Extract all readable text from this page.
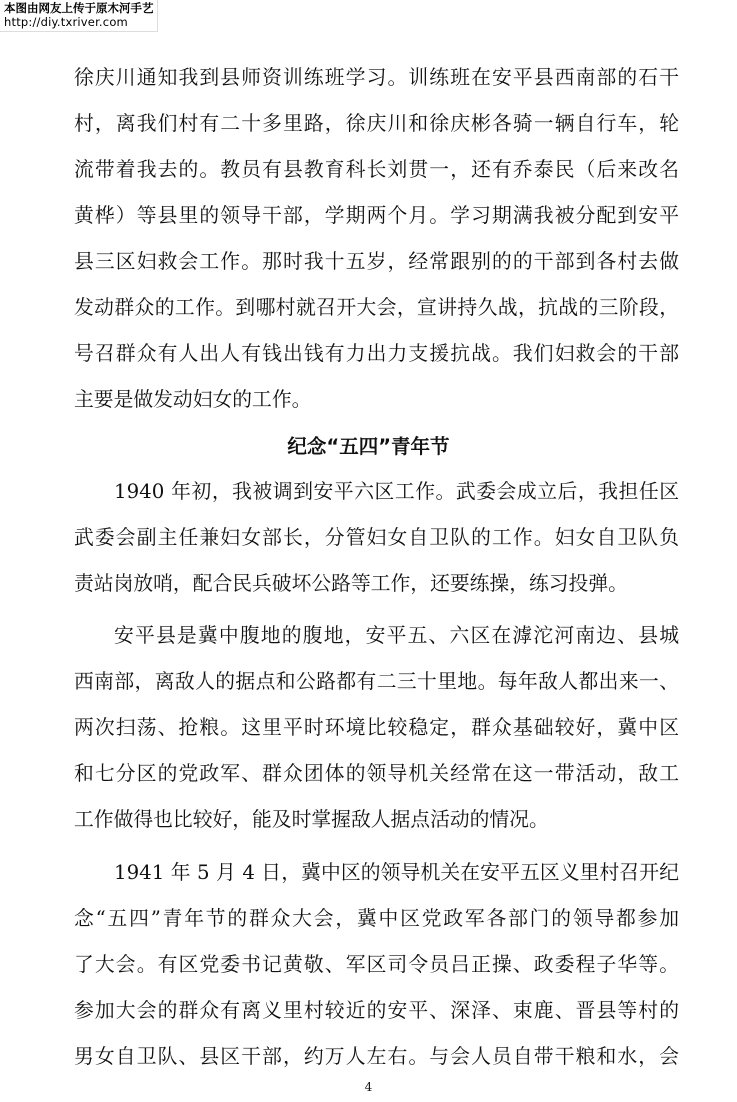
本图由网友上传于原木河手艺
http://diy.txriver.com
徐庆川通知我到县师资训练班学习。训练班在安平县西南部的石干
村，离我们村有二十多里路，徐庆川和徐庆彬各骑一辆自行车，轮
流带着我去的。教员有县教育科长刘贯一，还有乔泰民（后来改名
黄桦）等县里的领导干部，学期两个月。学习期满我被分配到安平
县三区妇救会工作。那时我十五岁，经常跟别的的干部到各村去做
发动群众的工作。到哪村就召开大会，宣讲持久战，抗战的三阶段，
号召群众有人出人有钱出钱有力出力支援抗战。我们妇救会的干部
主要是做发动妇女的工作。
纪念“五四”青年节
1940 年初，我被调到安平六区工作。武委会成立后，我担任区
武委会副主任兼妇女部长，分管妇女自卫队的工作。妇女自卫队负
责站岗放哨，配合民兵破坏公路等工作，还要练操，练习投弹。
安平县是冀中腹地的腹地，安平五、六区在滹沱河南边、县城
西南部，离敌人的据点和公路都有二三十里地。每年敌人都出来一、
两次扫荡、抢粮。这里平时环境比较稳定，群众基础较好，冀中区
和七分区的党政军、群众团体的领导机关经常在这一带活动，敌工
工作做得也比较好，能及时掌握敌人据点活动的情况。
1941 年 5 月 4 日，冀中区的领导机关在安平五区义里村召开纪
念“五四”青年节的群众大会，冀中区党政军各部门的领导都参加
了大会。有区党委书记黄敬、军区司令员吕正操、政委程子华等。
参加大会的群众有离义里村较近的安平、深泽、束鹿、晋县等村的
男女自卫队、县区干部，约万人左右。与会人员自带干粮和水，会
4
